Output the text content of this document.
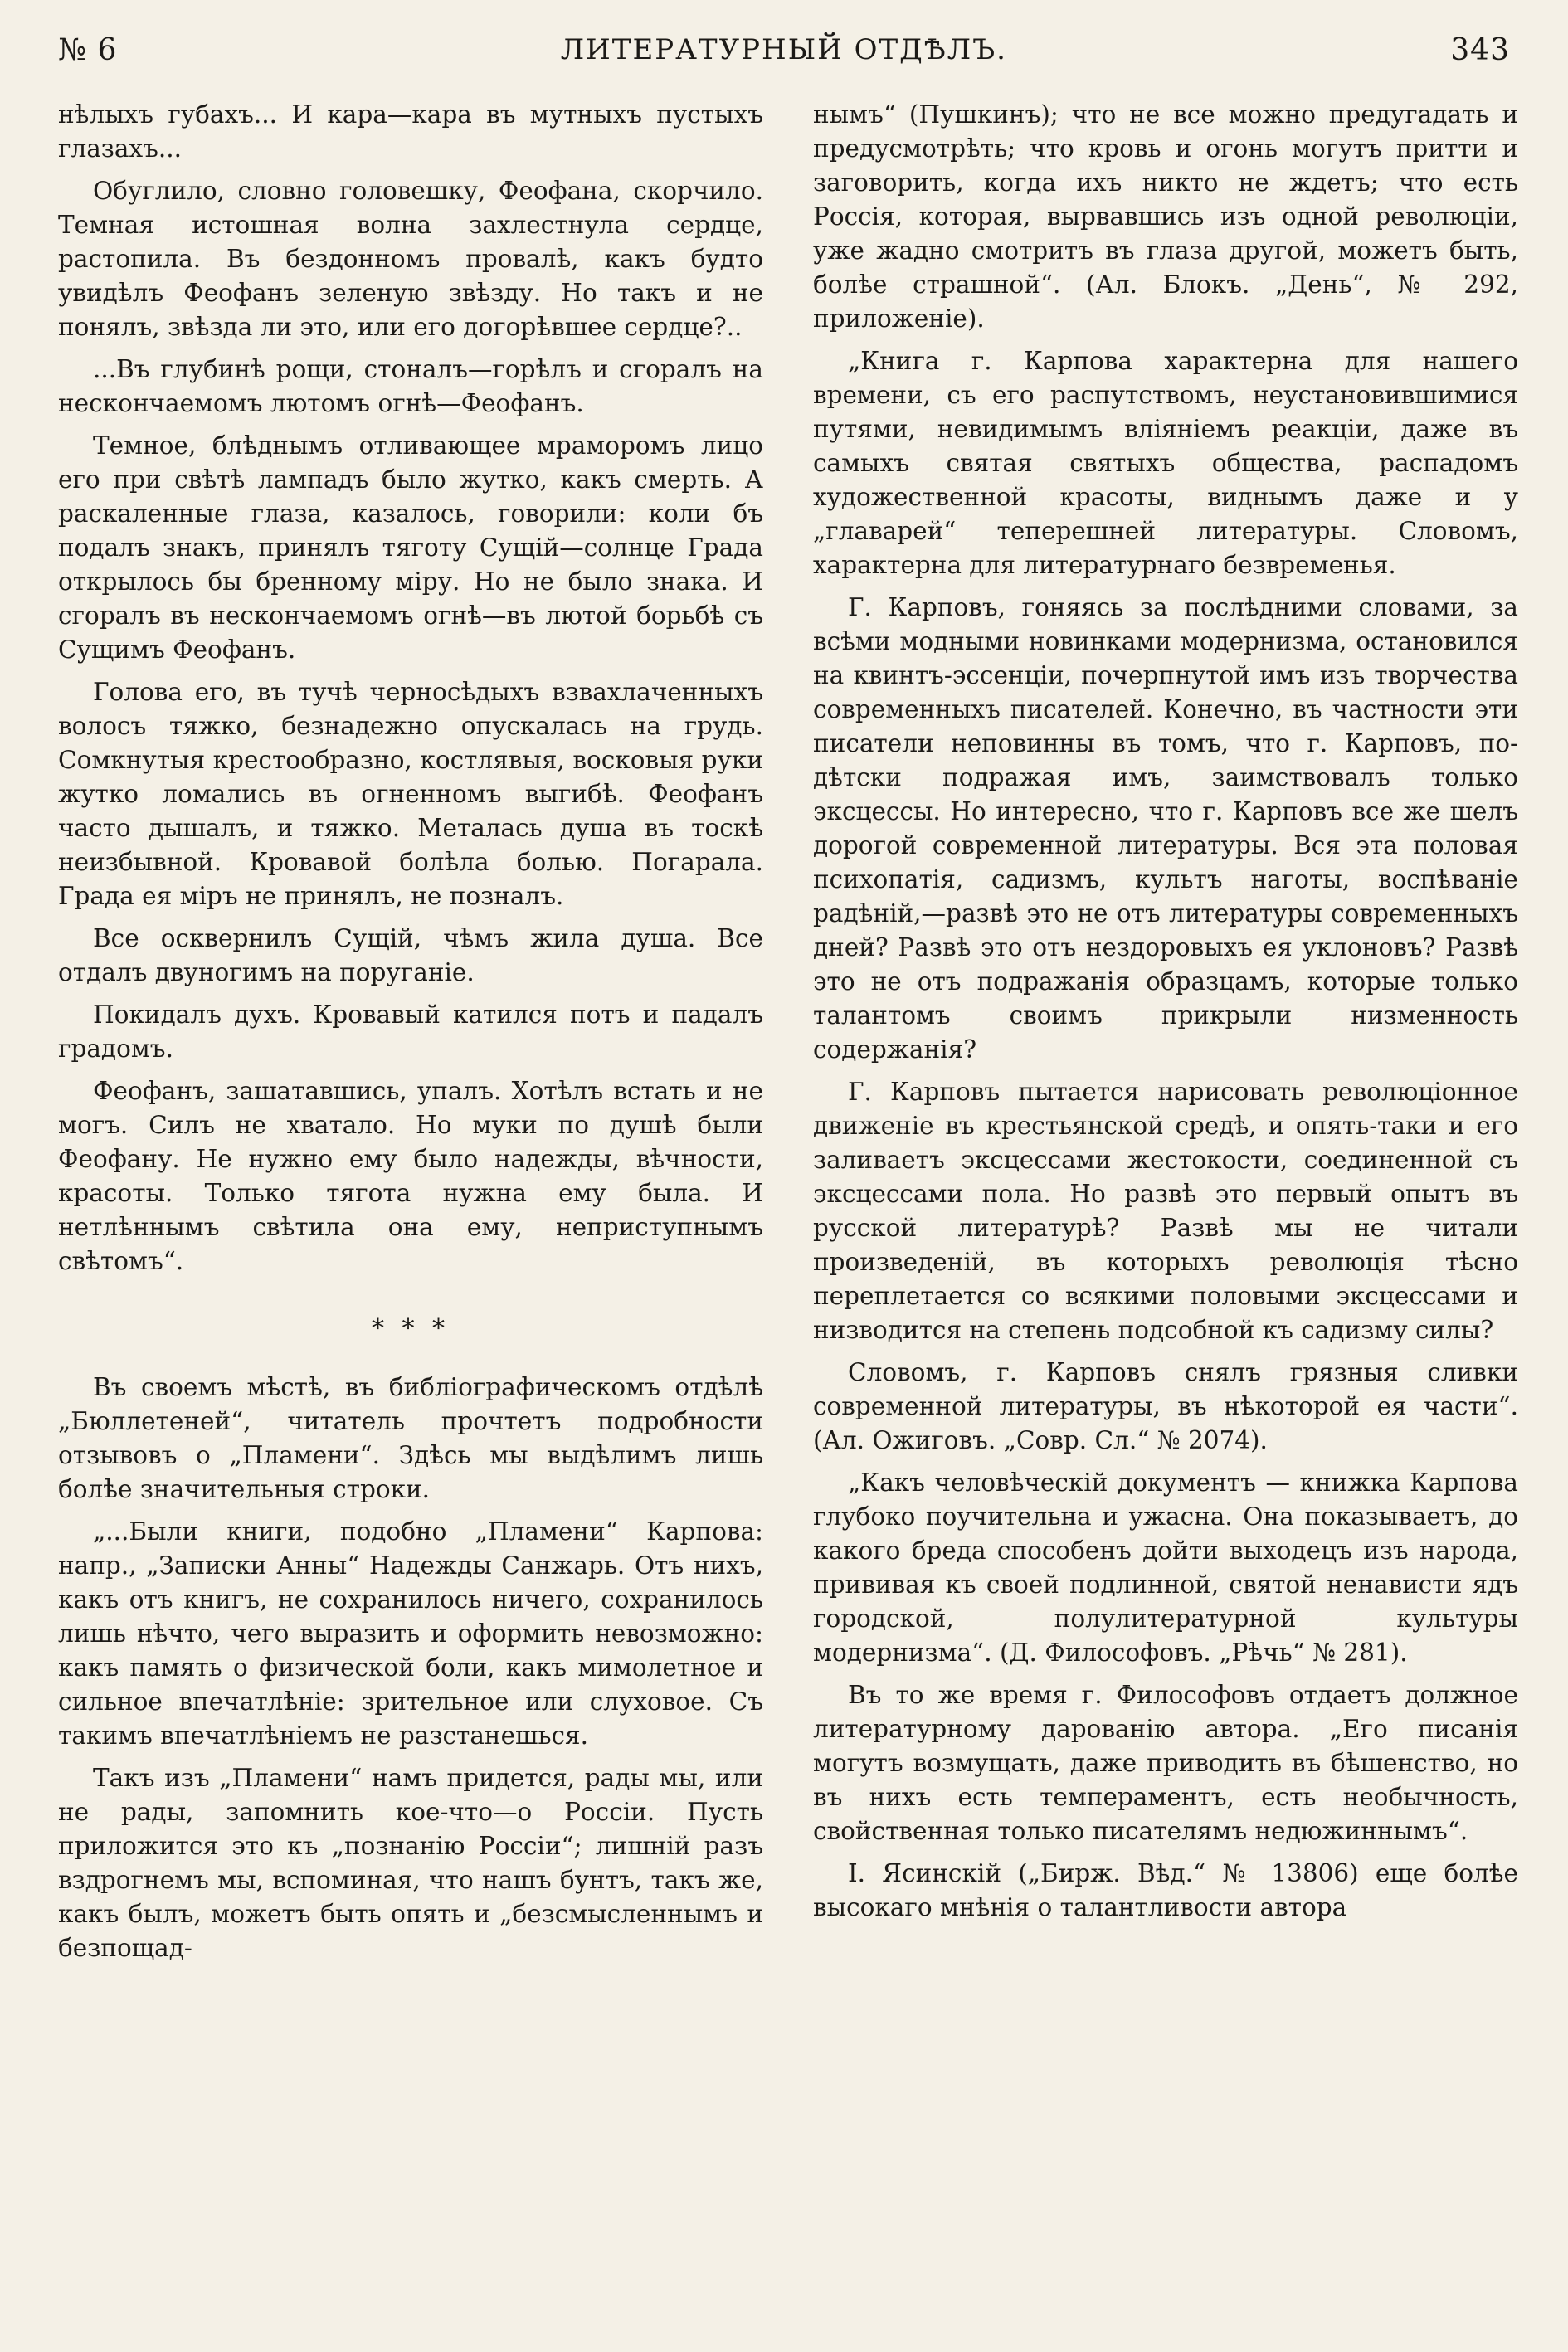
№ 6	ЛИТЕРАТУРНЫЙ ОТДѢЛЪ.	343

нѣлыхъ губахъ... И кара—кара въ мутныхъ пустыхъ глазахъ...

Обуглило, словно головешку, Феофана, скорчило. Темная истошная волна захлестнула сердце, растопила. Въ бездонномъ провалѣ, какъ будто увидѣлъ Феофанъ зеленую звѣзду. Но такъ и не понялъ, звѣзда ли это, или его догорѣвшее сердце?..

...Въ глубинѣ рощи, стоналъ—горѣлъ и сгоралъ на нескончаемомъ лютомъ огнѣ—Феофанъ.

Темное, блѣднымъ отливающее мраморомъ лицо его при свѣтѣ лампадъ было жутко, какъ смерть. А раскаленные глаза, казалось, говорили: коли бъ подалъ знакъ, принялъ тяготу Сущій—солнце Града открылось бы бренному міру. Но не было знака. И сгоралъ въ нескончаемомъ огнѣ—въ лютой борьбѣ съ Сущимъ Феофанъ.

Голова его, въ тучѣ черноcѣдыхъ взвахлаченныхъ волосъ тяжко, безнадежно опускалась на грудь. Сомкнутыя крестообразно, костлявыя, восковыя руки жутко ломались въ огненномъ выгибѣ. Феофанъ часто дышалъ, и тяжко. Металась душа въ тоскѣ неизбывной. Кровавой болѣла болью. Погарала. Града ея міръ не принялъ, не позналъ.

Все осквернилъ Сущій, чѣмъ жила душа. Все отдалъ двуногимъ на поруганіе.

Покидалъ духъ. Кровавый катился потъ и падалъ градомъ.

Феофанъ, зашатавшись, упалъ. Хотѣлъ встать и не могъ. Силъ не хватало. Но муки по душѣ были Феофану. Не нужно ему было надежды, вѣчности, красоты. Только тягота нужна ему была. И нетлѣннымъ свѣтила она ему, неприступнымъ свѣтомъ“.

* * *

Въ своемъ мѣстѣ, въ библіографическомъ отдѣлѣ „Бюллетеней“, читатель прочтетъ подробности отзывовъ о „Пламени“. Здѣсь мы выдѣлимъ лишь болѣе значительныя строки.

„...Были книги, подобно „Пламени“ Карпова: напр., „Записки Анны“ Надежды Санжарь. Отъ нихъ, какъ отъ книгъ, не сохранилось ничего, сохранилось лишь нѣчто, чего выразить и оформить невозможно: какъ память о физической боли, какъ мимолетное и сильное впечатлѣніе: зрительное или слуховое. Съ такимъ впечатлѣніемъ не разстанешься.

Такъ изъ „Пламени“ намъ придется, рады мы, или не рады, запомнить кое-что—о Россіи. Пусть приложится это къ „познанію Россіи“; лишній разъ вздрогнемъ мы, вспоминая, что нашъ бунтъ, такъ же, какъ былъ, можетъ быть опять и „безсмысленнымъ и безпощад-

нымъ“ (Пушкинъ); что не все можно предугадать и предусмотрѣть; что кровь и огонь могутъ притти и заговорить, когда ихъ никто не ждетъ; что есть Россія, которая, вырвавшись изъ одной революціи, уже жадно смотритъ въ глаза другой, можетъ быть, болѣе страшной“. (Ал. Блокъ. „День“, № 292, приложеніе).

„Книга г. Карпова характерна для нашего времени, съ его распутствомъ, неустановившимися путями, невидимымъ вліяніемъ реакціи, даже въ самыхъ святая святыхъ общества, распадомъ художественной красоты, виднымъ даже и у „главарей“ теперешней литературы. Словомъ, характерна для литературнаго безвременья.

Г. Карповъ, гоняясь за послѣдними словами, за всѣми модными новинками модернизма, остановился на квинтъ-эссенціи, почерпнутой имъ изъ творчества современныхъ писателей. Конечно, въ частности эти писатели неповинны въ томъ, что г. Карповъ, по-дѣтски подражая имъ, заимствовалъ только эксцессы. Но интересно, что г. Карповъ все же шелъ дорогой современной литературы. Вся эта половая психопатія, садизмъ, культъ наготы, воспѣваніе радѣній,—развѣ это не отъ литературы современныхъ дней? Развѣ это отъ нездоровыхъ ея уклоновъ? Развѣ это не отъ подражанія образцамъ, которые только талантомъ своимъ прикрыли низменность содержанія?

Г. Карповъ пытается нарисовать революціонное движеніе въ крестьянской средѣ, и опять-таки и его заливаетъ эксцессами жестокости, соединенной съ эксцессами пола. Но развѣ это первый опытъ въ русской литературѣ? Развѣ мы не читали произведеній, въ которыхъ революція тѣсно переплетается со всякими половыми эксцессами и низводится на степень подсобной къ садизму силы?

Словомъ, г. Карповъ снялъ грязныя сливки современной литературы, въ нѣкоторой ея части“. (Ал. Ожиговъ. „Совр. Сл.“ № 2074).

„Какъ человѣческій документъ — книжка Карпова глубоко поучительна и ужасна. Она показываетъ, до какого бреда способенъ дойти выходецъ изъ народа, прививая къ своей подлинной, святой ненависти ядъ городской, полулитературной культуры модернизма“. (Д. Философовъ. „Рѣчь“ № 281).

Въ то же время г. Философовъ отдаетъ должное литературному дарованію автора. „Его писанія могутъ возмущать, даже приводить въ бѣшенство, но въ нихъ есть темпераментъ, есть необычность, свойственная только писателямъ недюжиннымъ“.

I. Ясинскій („Бирж. Вѣд.“ № 13806) еще болѣе высокаго мнѣнія о талантливости автора
